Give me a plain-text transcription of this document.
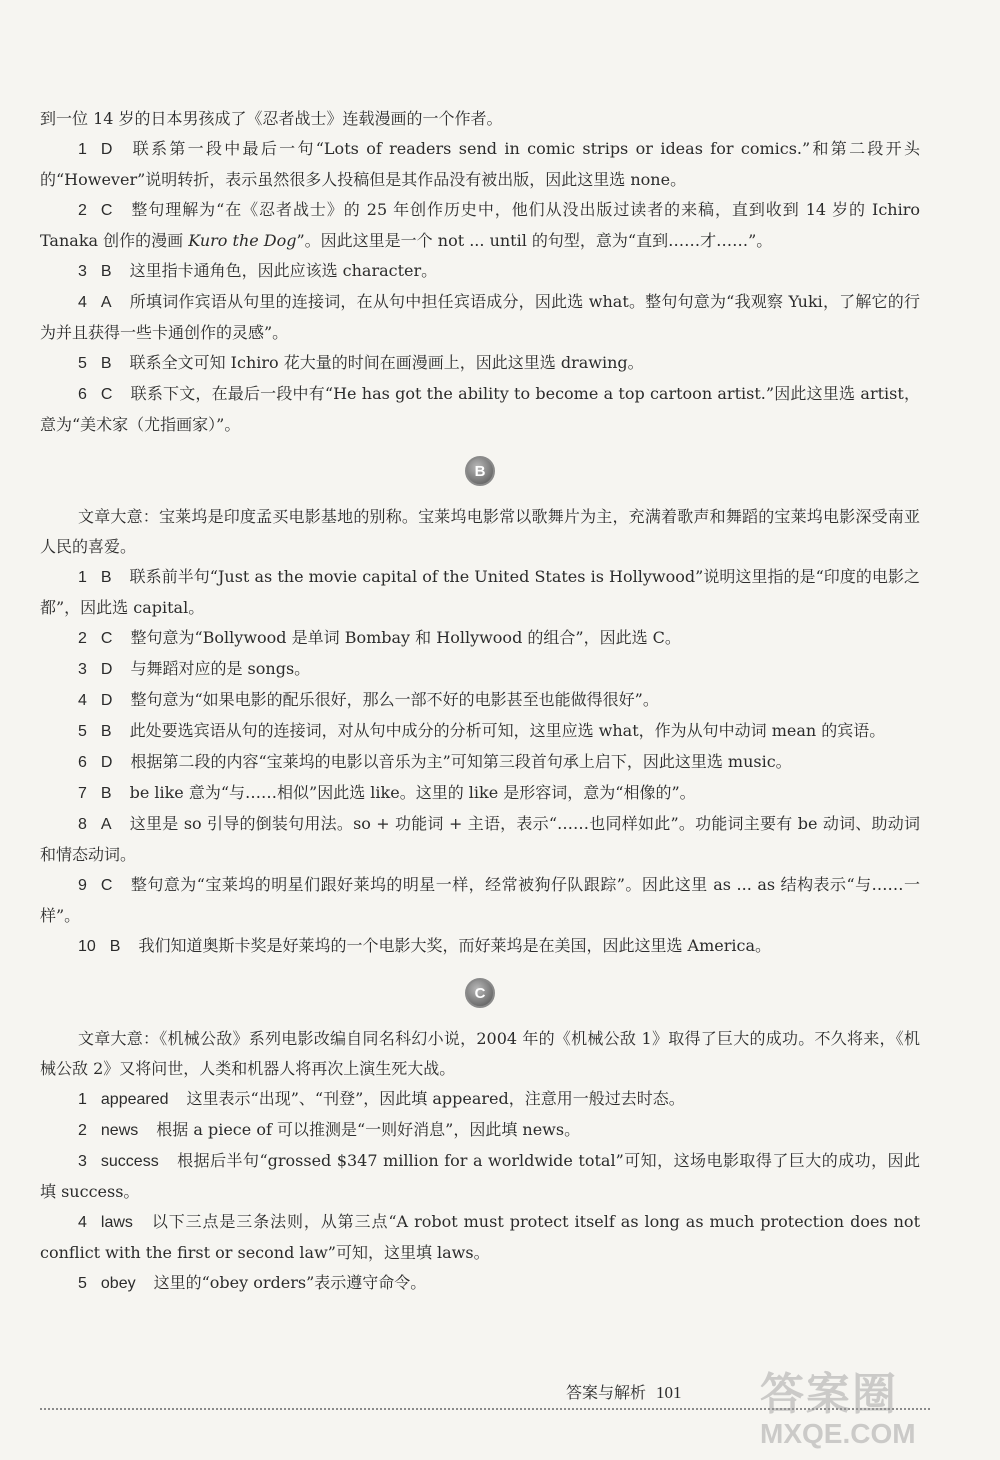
到一位 14 岁的日本男孩成了《忍者战士》连载漫画的一个作者。

1 D 联系第一段中最后一句“Lots of readers send in comic strips or ideas for comics.”和第二段开头的“However”说明转折，表示虽然很多人投稿但是其作品没有被出版，因此这里选 none。

2 C 整句理解为“在《忍者战士》的 25 年创作历史中，他们从没出版过读者的来稿，直到收到 14 岁的 Ichiro Tanaka 创作的漫画 Kuro the Dog”。因此这里是一个 not ... until 的句型，意为“直到……才……”。

3 B 这里指卡通角色，因此应该选 character。

4 A 所填词作宾语从句里的连接词，在从句中担任宾语成分，因此选 what。整句句意为“我观察 Yuki，了解它的行为并且获得一些卡通创作的灵感”。

5 B 联系全文可知 Ichiro 花大量的时间在画漫画上，因此这里选 drawing。

6 C 联系下文，在最后一段中有“He has got the ability to become a top cartoon artist.”因此这里选 artist，意为“美术家（尤指画家）”。

B

文章大意：宝莱坞是印度孟买电影基地的别称。宝莱坞电影常以歌舞片为主，充满着歌声和舞蹈的宝莱坞电影深受南亚人民的喜爱。

1 B 联系前半句“Just as the movie capital of the United States is Hollywood”说明这里指的是“印度的电影之都”，因此选 capital。

2 C 整句意为“Bollywood 是单词 Bombay 和 Hollywood 的组合”，因此选 C。

3 D 与舞蹈对应的是 songs。

4 D 整句意为“如果电影的配乐很好，那么一部不好的电影甚至也能做得很好”。

5 B 此处要选宾语从句的连接词，对从句中成分的分析可知，这里应选 what，作为从句中动词 mean 的宾语。

6 D 根据第二段的内容“宝莱坞的电影以音乐为主”可知第三段首句承上启下，因此这里选 music。

7 B be like 意为“与……相似”因此选 like。这里的 like 是形容词，意为“相像的”。

8 A 这里是 so 引导的倒装句用法。so + 功能词 + 主语，表示“……也同样如此”。功能词主要有 be 动词、助动词和情态动词。

9 C 整句意为“宝莱坞的明星们跟好莱坞的明星一样，经常被狗仔队跟踪”。因此这里 as ... as 结构表示“与……一样”。

10 B 我们知道奥斯卡奖是好莱坞的一个电影大奖，而好莱坞是在美国，因此这里选 America。

C

文章大意：《机械公敌》系列电影改编自同名科幻小说，2004 年的《机械公敌 1》取得了巨大的成功。不久将来，《机械公敌 2》又将问世，人类和机器人将再次上演生死大战。

1 appeared 这里表示“出现”、“刊登”，因此填 appeared，注意用一般过去时态。

2 news 根据 a piece of 可以推测是“一则好消息”，因此填 news。

3 success 根据后半句“grossed $347 million for a worldwide total”可知，这场电影取得了巨大的成功，因此填 success。

4 laws 以下三点是三条法则，从第三点“A robot must protect itself as long as much protection does not conflict with the first or second law”可知，这里填 laws。

5 obey 这里的“obey orders”表示遵守命令。

答案与解析 101 答案圈
MXQE.COM
